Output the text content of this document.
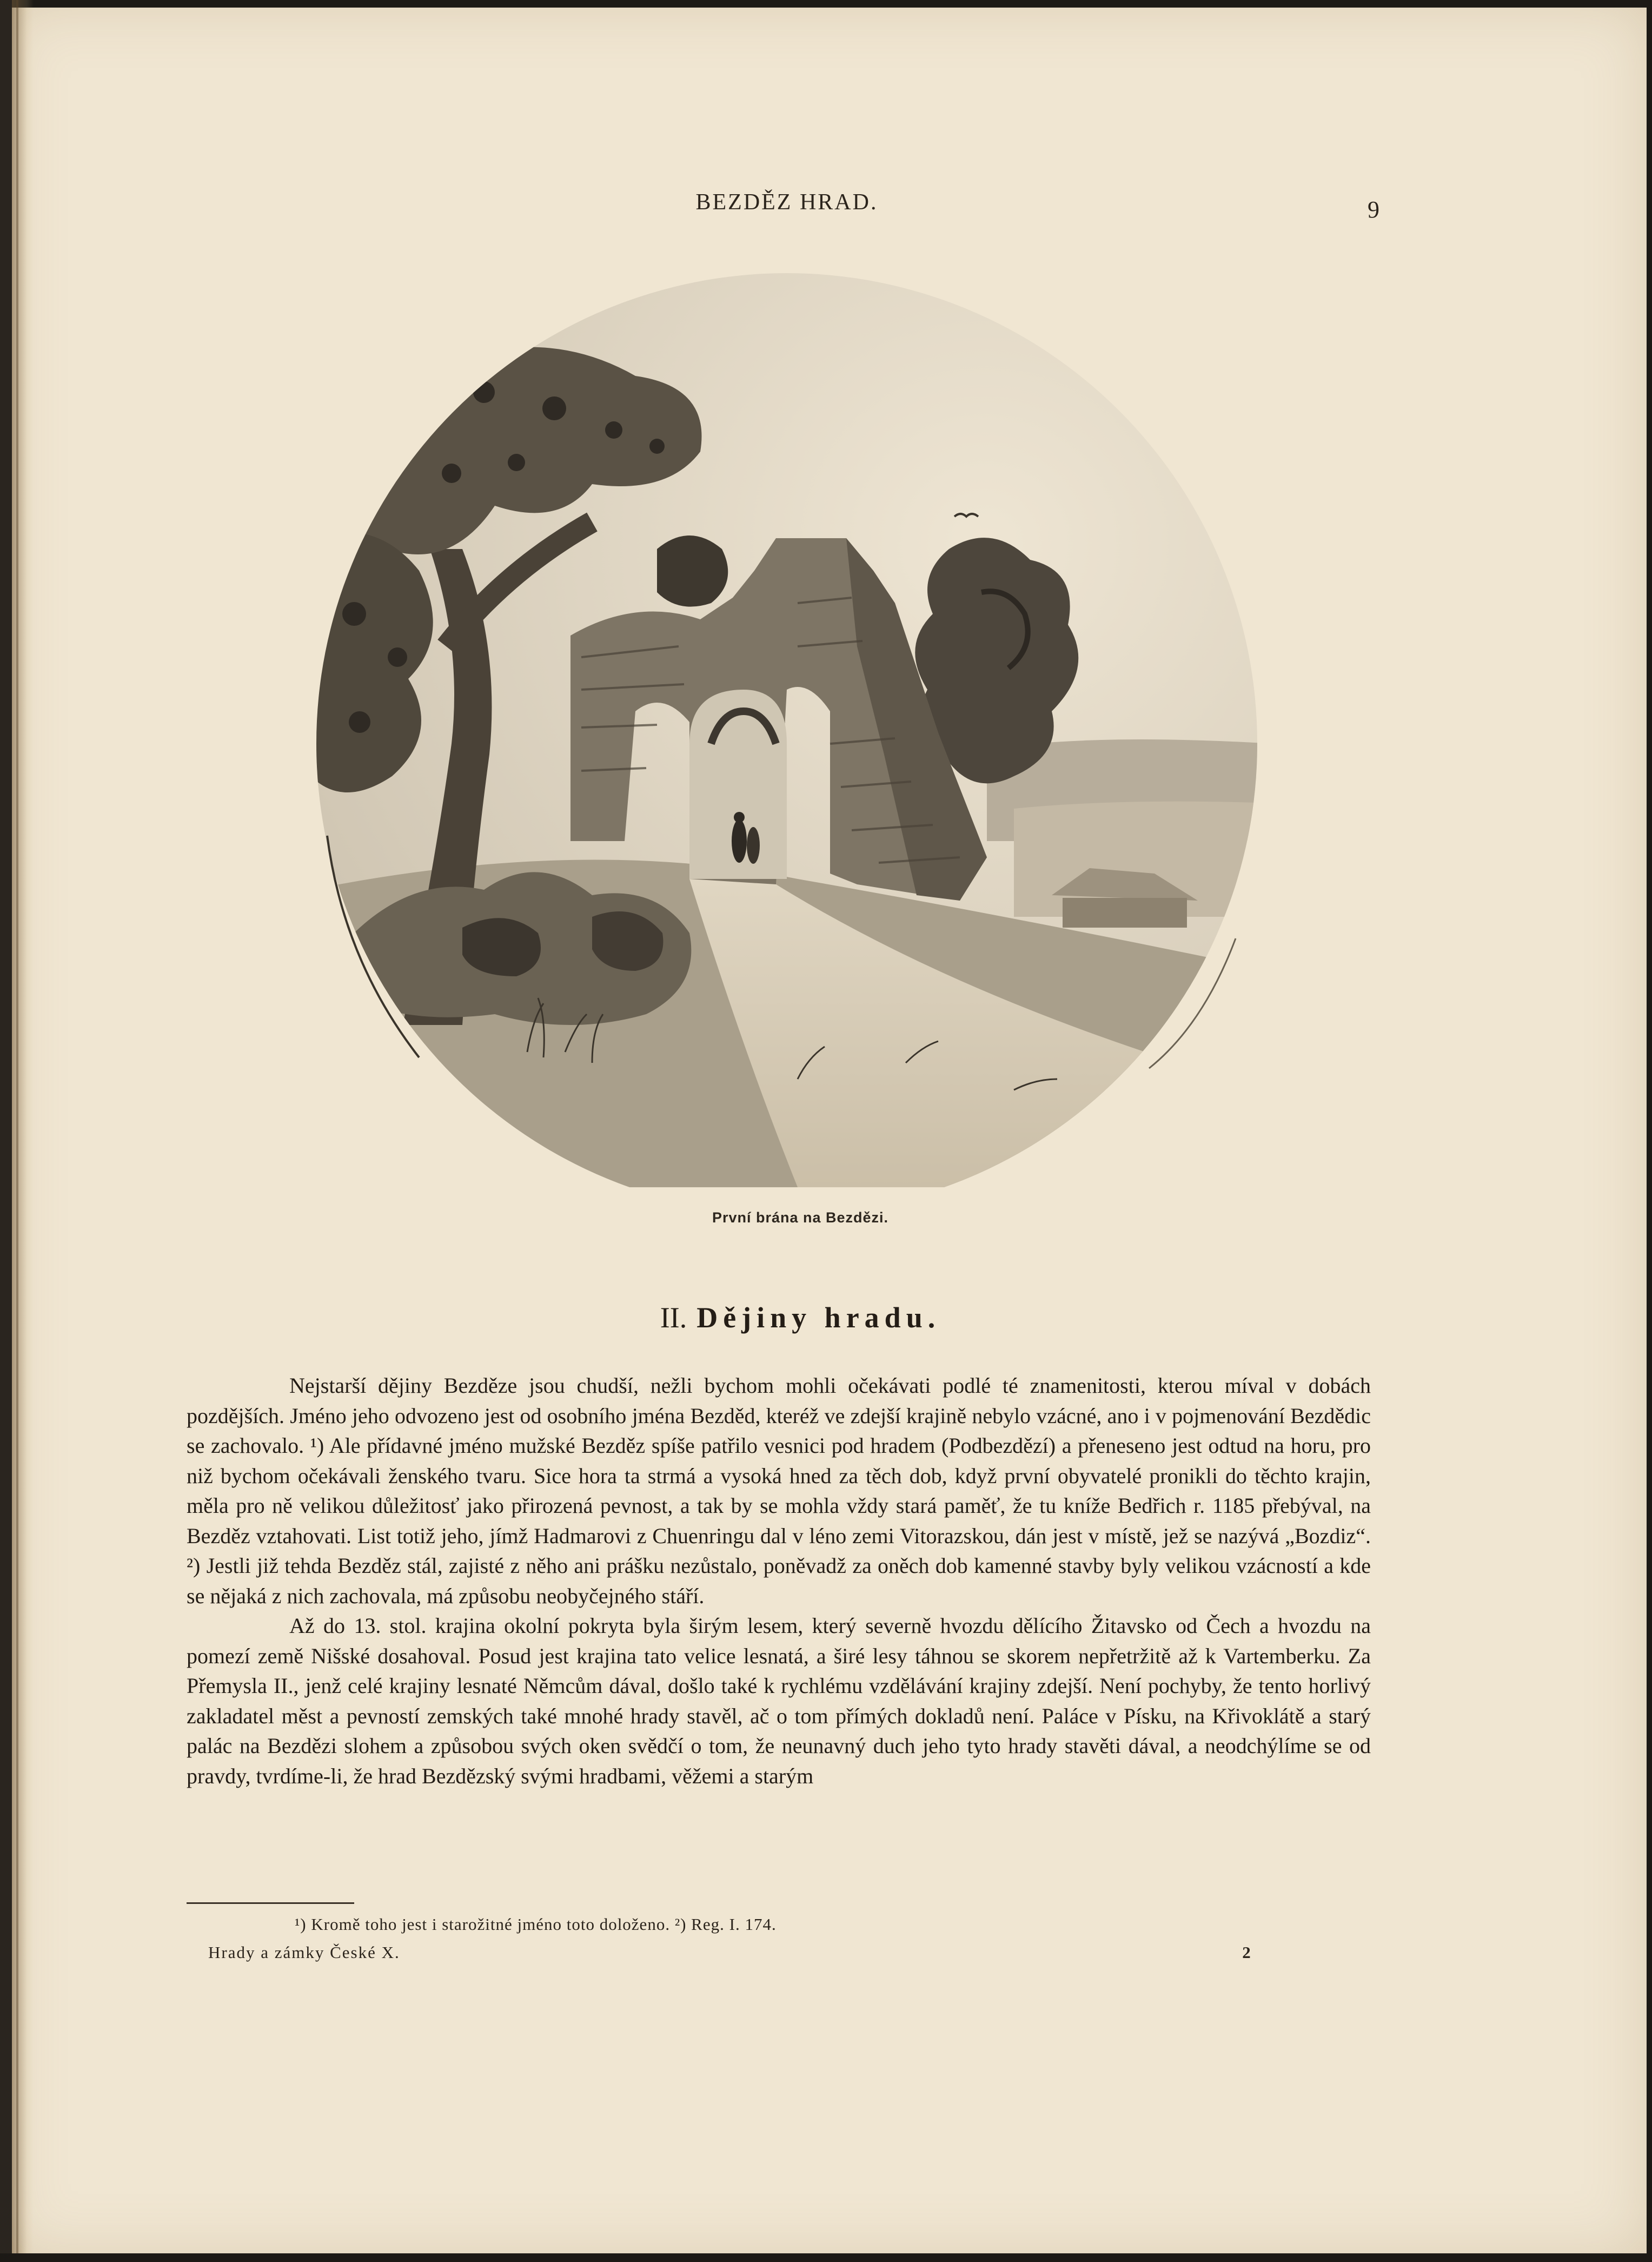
BEZDĚZ HRAD.	9
První brána na Bezdězi.
II. Dějiny hradu.

Nejstarší dějiny Bezděze jsou chudší, nežli bychom mohli očekávati podlé té znamenitosti, kterou míval v dobách pozdějších. Jméno jeho odvozeno jest od osobního jména Bezděd, kteréž ve zdejší krajině nebylo vzácné, ano i v pojmenování Bezdědic se zachovalo. ¹) Ale přídavné jméno mužské Bezděz spíše patřilo vesnici pod hradem (Podbezdězí) a přeneseno jest odtud na horu, pro niž bychom očekávali ženského tvaru. Sice hora ta strmá a vysoká hned za těch dob, když první obyvatelé pronikli do těchto krajin, měla pro ně velikou důležitosť jako přirozená pevnost, a tak by se mohla vždy stará paměť, že tu kníže Bedřich r. 1185 přebýval, na Bezděz vztahovati. List totiž jeho, jímž Hadmarovi z Chuenringu dal v léno zemi Vitorazskou, dán jest v místě, jež se nazývá „Bozdiz“. ²) Jestli již tehda Bezděz stál, zajisté z něho ani prášku nezůstalo, poněvadž za oněch dob kamenné stavby byly velikou vzácností a kde se nějaká z nich zachovala, má způsobu neobyčejného stáří.

Až do 13. stol. krajina okolní pokryta byla širým lesem, který severně hvozdu dělícího Žitavsko od Čech a hvozdu na pomezí země Nišské dosahoval. Posud jest krajina tato velice lesnatá, a širé lesy táhnou se skorem nepřetržitě až k Vartemberku. Za Přemysla II., jenž celé krajiny lesnaté Němcům dával, došlo také k rychlému vzdělávání krajiny zdejší. Není pochyby, že tento horlivý zakladatel měst a pevností zemských také mnohé hrady stavěl, ač o tom přímých dokladů není. Paláce v Písku, na Křivoklátě a starý palác na Bezdězi slohem a způsobou svých oken svědčí o tom, že neunavný duch jeho tyto hrady stavěti dával, a neodchýlíme se od pravdy, tvrdíme-li, že hrad Bezdězský svými hradbami, věžemi a starým

¹) Kromě toho jest i starožitné jméno toto doloženo. ²) Reg. I. 174.
Hrady a zámky České X.	2
